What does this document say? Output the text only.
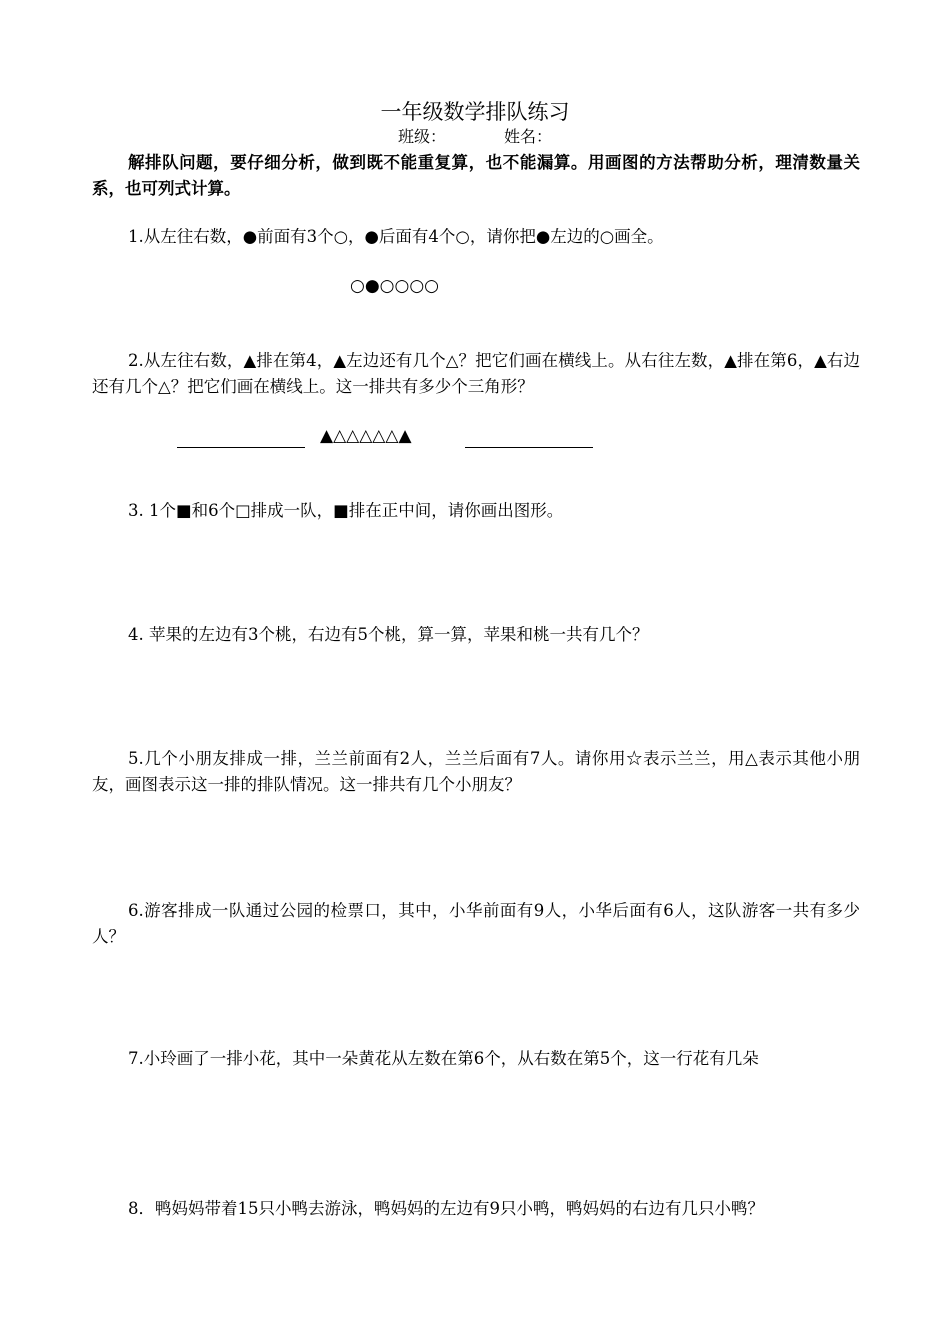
一年级数学排队练习
班级：	姓名：
解排队问题，要仔细分析，做到既不能重复算，也不能漏算。用画图的方法帮助分析，理清数量关系，也可列式计算。
1.从左往右数，●前面有3个○，●后面有4个○，请你把●左边的○画全。
○●○○○○
2.从左往右数，▲排在第4，▲左边还有几个△？把它们画在横线上。从右往左数，▲排在第6，▲右边还有几个△？把它们画在横线上。这一排共有多少个三角形？
▲△△△△△▲
3. 1个■和6个□排成一队，■排在正中间，请你画出图形。
4. 苹果的左边有3个桃，右边有5个桃，算一算，苹果和桃一共有几个？
5.几个小朋友排成一排，兰兰前面有2人，兰兰后面有7人。请你用☆表示兰兰，用△表示其他小朋友，画图表示这一排的排队情况。这一排共有几个小朋友？
6.游客排成一队通过公园的检票口，其中，小华前面有9人，小华后面有6人，这队游客一共有多少人？
7.小玲画了一排小花，其中一朵黄花从左数在第6个，从右数在第5个，这一行花有几朵
8．鸭妈妈带着15只小鸭去游泳，鸭妈妈的左边有9只小鸭，鸭妈妈的右边有几只小鸭？
